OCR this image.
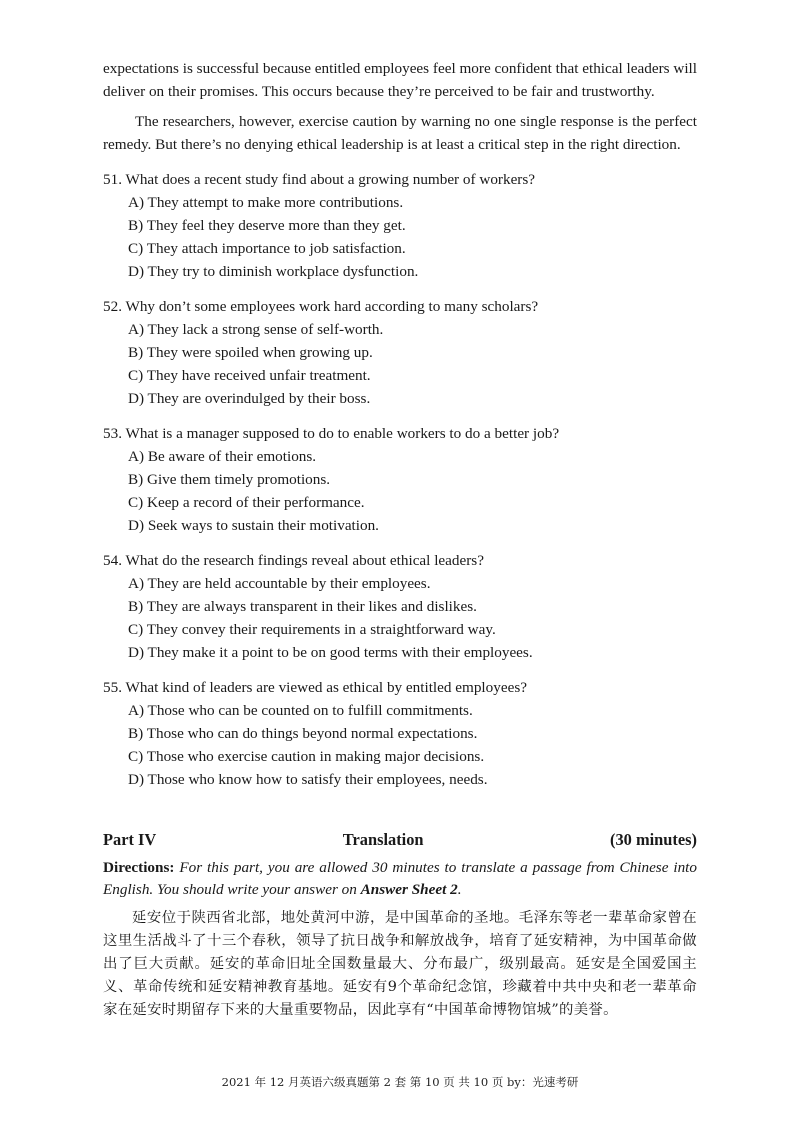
expectations is successful because entitled employees feel more confident that ethical leaders will deliver on their promises. This occurs because they’re perceived to be fair and trustworthy.

The researchers, however, exercise caution by warning no one single response is the perfect remedy. But there’s no denying ethical leadership is at least a critical step in the right direction.

51. What does a recent study find about a growing number of workers?

A) They attempt to make more contributions.

B) They feel they deserve more than they get.

C) They attach importance to job satisfaction.

D) They try to diminish workplace dysfunction.

52. Why don’t some employees work hard according to many scholars?

A) They lack a strong sense of self-worth.

B) They were spoiled when growing up.

C) They have received unfair treatment.

D) They are overindulged by their boss.

53. What is a manager supposed to do to enable workers to do a better job?

A) Be aware of their emotions.

B) Give them timely promotions.

C) Keep a record of their performance.

D) Seek ways to sustain their motivation.

54. What do the research findings reveal about ethical leaders?

A) They are held accountable by their employees.

B) They are always transparent in their likes and dislikes.

C) They convey their requirements in a straightforward way.

D) They make it a point to be on good terms with their employees.

55. What kind of leaders are viewed as ethical by entitled employees?

A) Those who can be counted on to fulfill commitments.

B) Those who can do things beyond normal expectations.

C) Those who exercise caution in making major decisions.

D) Those who know how to satisfy their employees, needs.

Part IV	Translation	(30 minutes)
Directions: For this part, you are allowed 30 minutes to translate a passage from Chinese into English. You should write your answer on Answer Sheet 2.

延安位于陕西省北部，地处黄河中游，是中国革命的圣地。毛泽东等老一辈革命家曾在这里生活战斗了十三个春秋，领导了抗日战争和解放战争，培育了延安精神，为中国革命做出了巨大贡献。延安的革命旧址全国数量最大、分布最广，级别最高。延安是全国爱国主义、革命传统和延安精神教育基地。延安有9个革命纪念馆，珍藏着中共中央和老一辈革命家在延安时期留存下来的大量重要物品，因此享有“中国革命博物馆城”的美誉。

2021 年 12 月英语六级真题第 2 套 第 10 页 共 10 页 by：光速考研
